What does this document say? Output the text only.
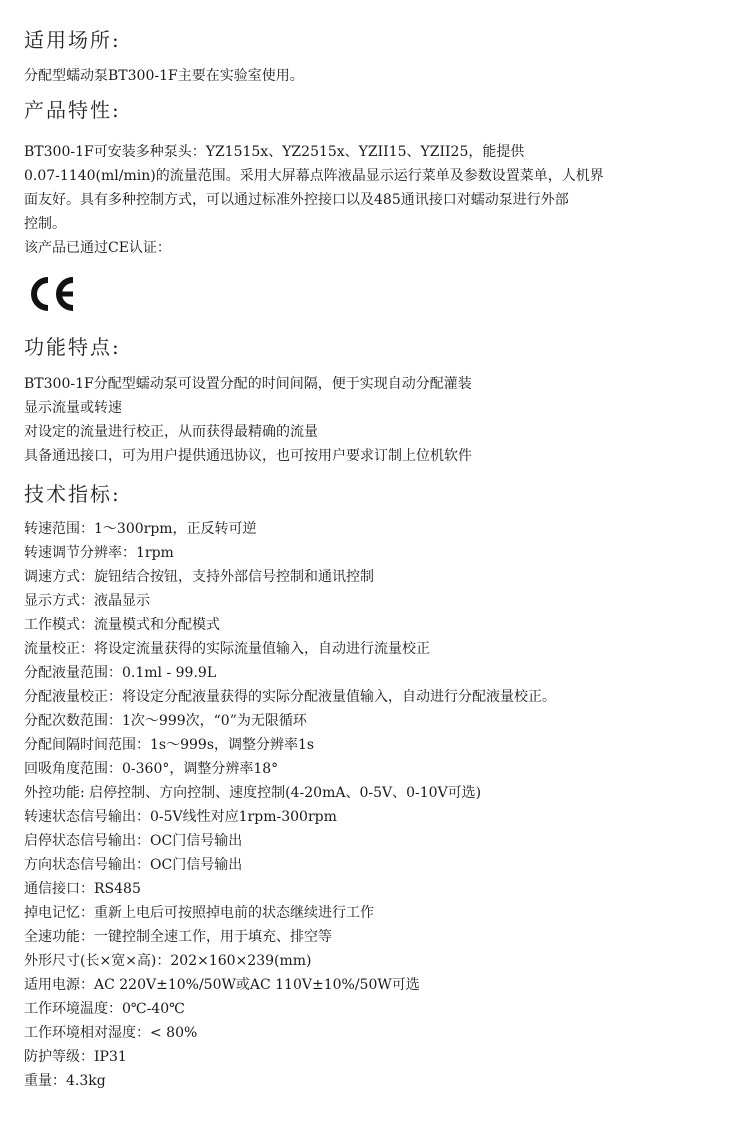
适用场所:

分配型蠕动泵BT300-1F主要在实验室使用。

产品特性:

BT300-1F可安装多种泵头：YZ1515x、YZ2515x、YZII15、YZII25，能提供

0.07-1140(ml/min)的流量范围。采用大屏幕点阵液晶显示运行菜单及参数设置菜单，人机界

面友好。具有多种控制方式，可以通过标准外控接口以及485通讯接口对蠕动泵进行外部

控制。

该产品已通过CE认证：

功能特点:

BT300-1F分配型蠕动泵可设置分配的时间间隔，便于实现自动分配灌装

显示流量或转速

对设定的流量进行校正，从而获得最精确的流量

具备通迅接口，可为用户提供通迅协议，也可按用户要求订制上位机软件

技术指标:

转速范围：1～300rpm，正反转可逆

转速调节分辨率：1rpm

调速方式：旋钮结合按钮，支持外部信号控制和通讯控制

显示方式：液晶显示

工作模式：流量模式和分配模式

流量校正：将设定流量获得的实际流量值输入，自动进行流量校正

分配液量范围：0.1ml - 99.9L

分配液量校正：将设定分配液量获得的实际分配液量值输入，自动进行分配液量校正。

分配次数范围：1次～999次，“0”为无限循环

分配间隔时间范围：1s～999s，调整分辨率1s

回吸角度范围：0-360°，调整分辨率18°

外控功能: 启停控制、方向控制、速度控制(4-20mA、0-5V、0-10V可选)

转速状态信号输出：0-5V线性对应1rpm-300rpm

启停状态信号输出：OC门信号输出

方向状态信号输出：OC门信号输出

通信接口：RS485

掉电记忆：重新上电后可按照掉电前的状态继续进行工作

全速功能：一键控制全速工作，用于填充、排空等

外形尺寸(长×宽×高)：202×160×239(mm)

适用电源：AC 220V±10%/50W或AC 110V±10%/50W可选

工作环境温度：0℃-40℃

工作环境相对湿度：< 80%

防护等级：IP31

重量：4.3kg
